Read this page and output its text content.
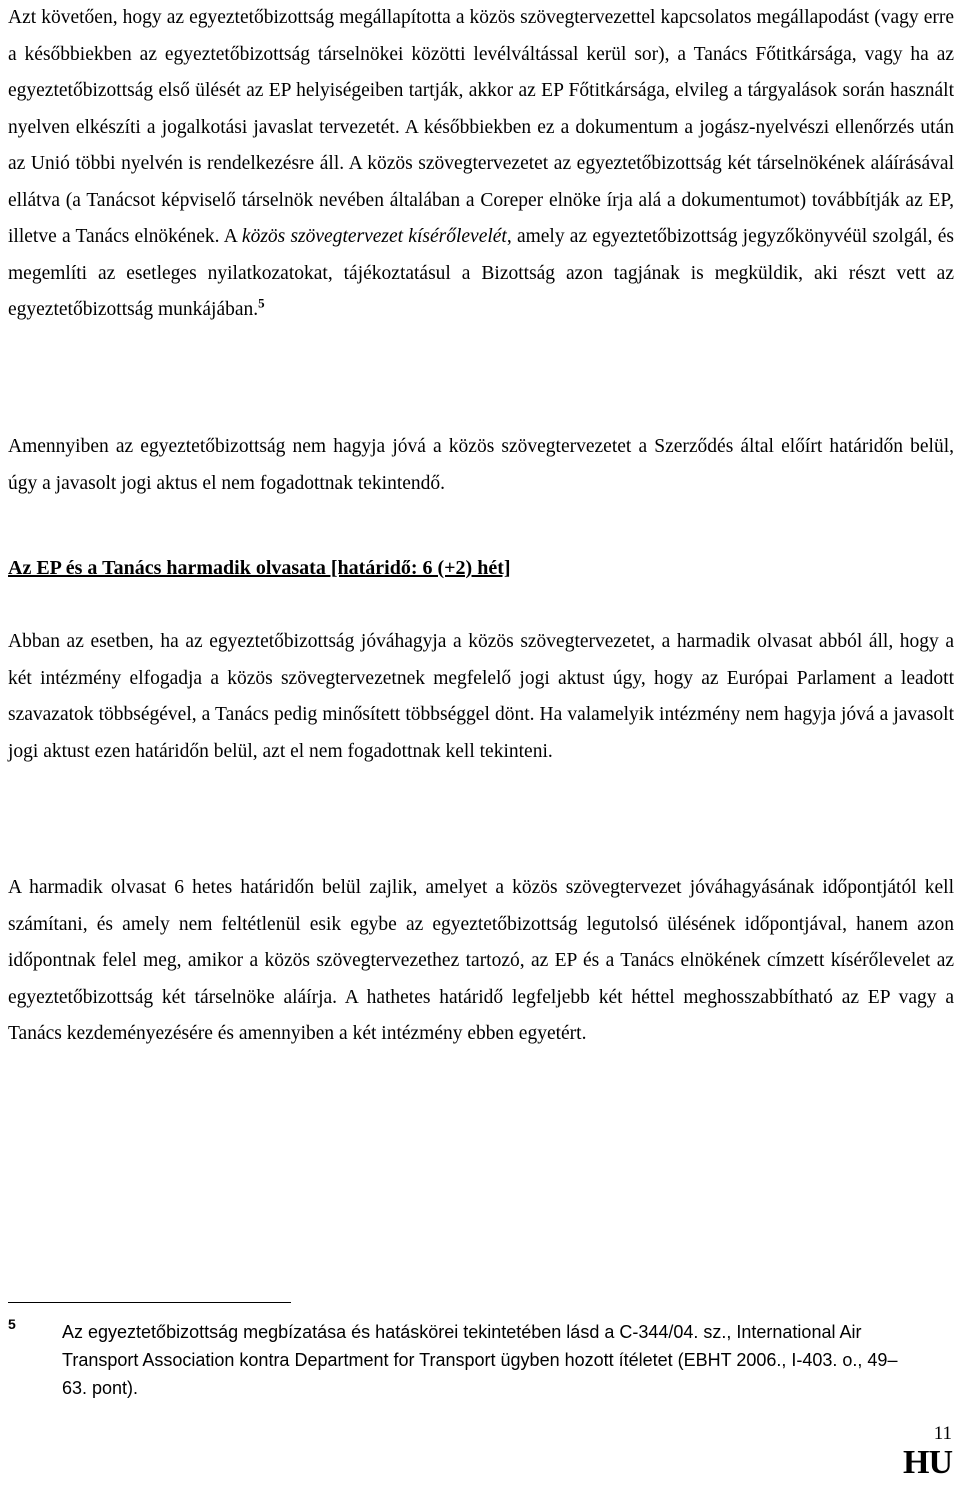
Azt követően, hogy az egyeztetőbizottság megállapította a közös szövegtervezettel kapcsolatos megállapodást (vagy erre a későbbiekben az egyeztetőbizottság társelnökei közötti levélváltással kerül sor), a Tanács Főtitkársága, vagy ha az egyeztetőbizottság első ülését az EP helyiségeiben tartják, akkor az EP Főtitkársága, elvileg a tárgyalások során használt nyelven elkészíti a jogalkotási javaslat tervezetét. A későbbiekben ez a dokumentum a jogász-nyelvészi ellenőrzés után az Unió többi nyelvén is rendelkezésre áll. A közös szövegtervezetet az egyeztetőbizottság két társelnökének aláírásával ellátva (a Tanácsot képviselő társelnök nevében általában a Coreper elnöke írja alá a dokumentumot) továbbítják az EP, illetve a Tanács elnökének. A közös szövegtervezet kísérőlevelét, amely az egyeztetőbizottság jegyzőkönyvéül szolgál, és megemlíti az esetleges nyilatkozatokat, tájékoztatásul a Bizottság azon tagjának is megküldik, aki részt vett az egyeztetőbizottság munkájában.$^5$

Amennyiben az egyeztetőbizottság nem hagyja jóvá a közös szövegtervezetet a Szerződés által előírt határidőn belül, úgy a javasolt jogi aktus el nem fogadottnak tekintendő.

Az EP és a Tanács harmadik olvasata [határidő: 6 (+2) hét]

Abban az esetben, ha az egyeztetőbizottság jóváhagyja a közös szövegtervezetet, a harmadik olvasat abból áll, hogy a két intézmény elfogadja a közös szövegtervezetnek megfelelő jogi aktust úgy, hogy az Európai Parlament a leadott szavazatok többségével, a Tanács pedig minősített többséggel dönt. Ha valamelyik intézmény nem hagyja jóvá a javasolt jogi aktust ezen határidőn belül, azt el nem fogadottnak kell tekinteni.

A harmadik olvasat 6 hetes határidőn belül zajlik, amelyet a közös szövegtervezet jóváhagyásának időpontjától kell számítani, és amely nem feltétlenül esik egybe az egyeztetőbizottság legutolsó ülésének időpontjával, hanem azon időpontnak felel meg, amikor a közös szövegtervezethez tartozó, az EP és a Tanács elnökének címzett kísérőlevelet az egyeztetőbizottság két társelnöke aláírja. A hathetes határidő legfeljebb két héttel meghosszabbítható az EP vagy a Tanács kezdeményezésére és amennyiben a két intézmény ebben egyetért.

5	Az egyeztetőbizottság megbízatása és hatáskörei tekintetében lásd a C-344/04. sz., International Air Transport Association kontra Department for Transport ügyben hozott ítéletet (EBHT 2006., I-403. o., 49–63. pont).
11
HU
